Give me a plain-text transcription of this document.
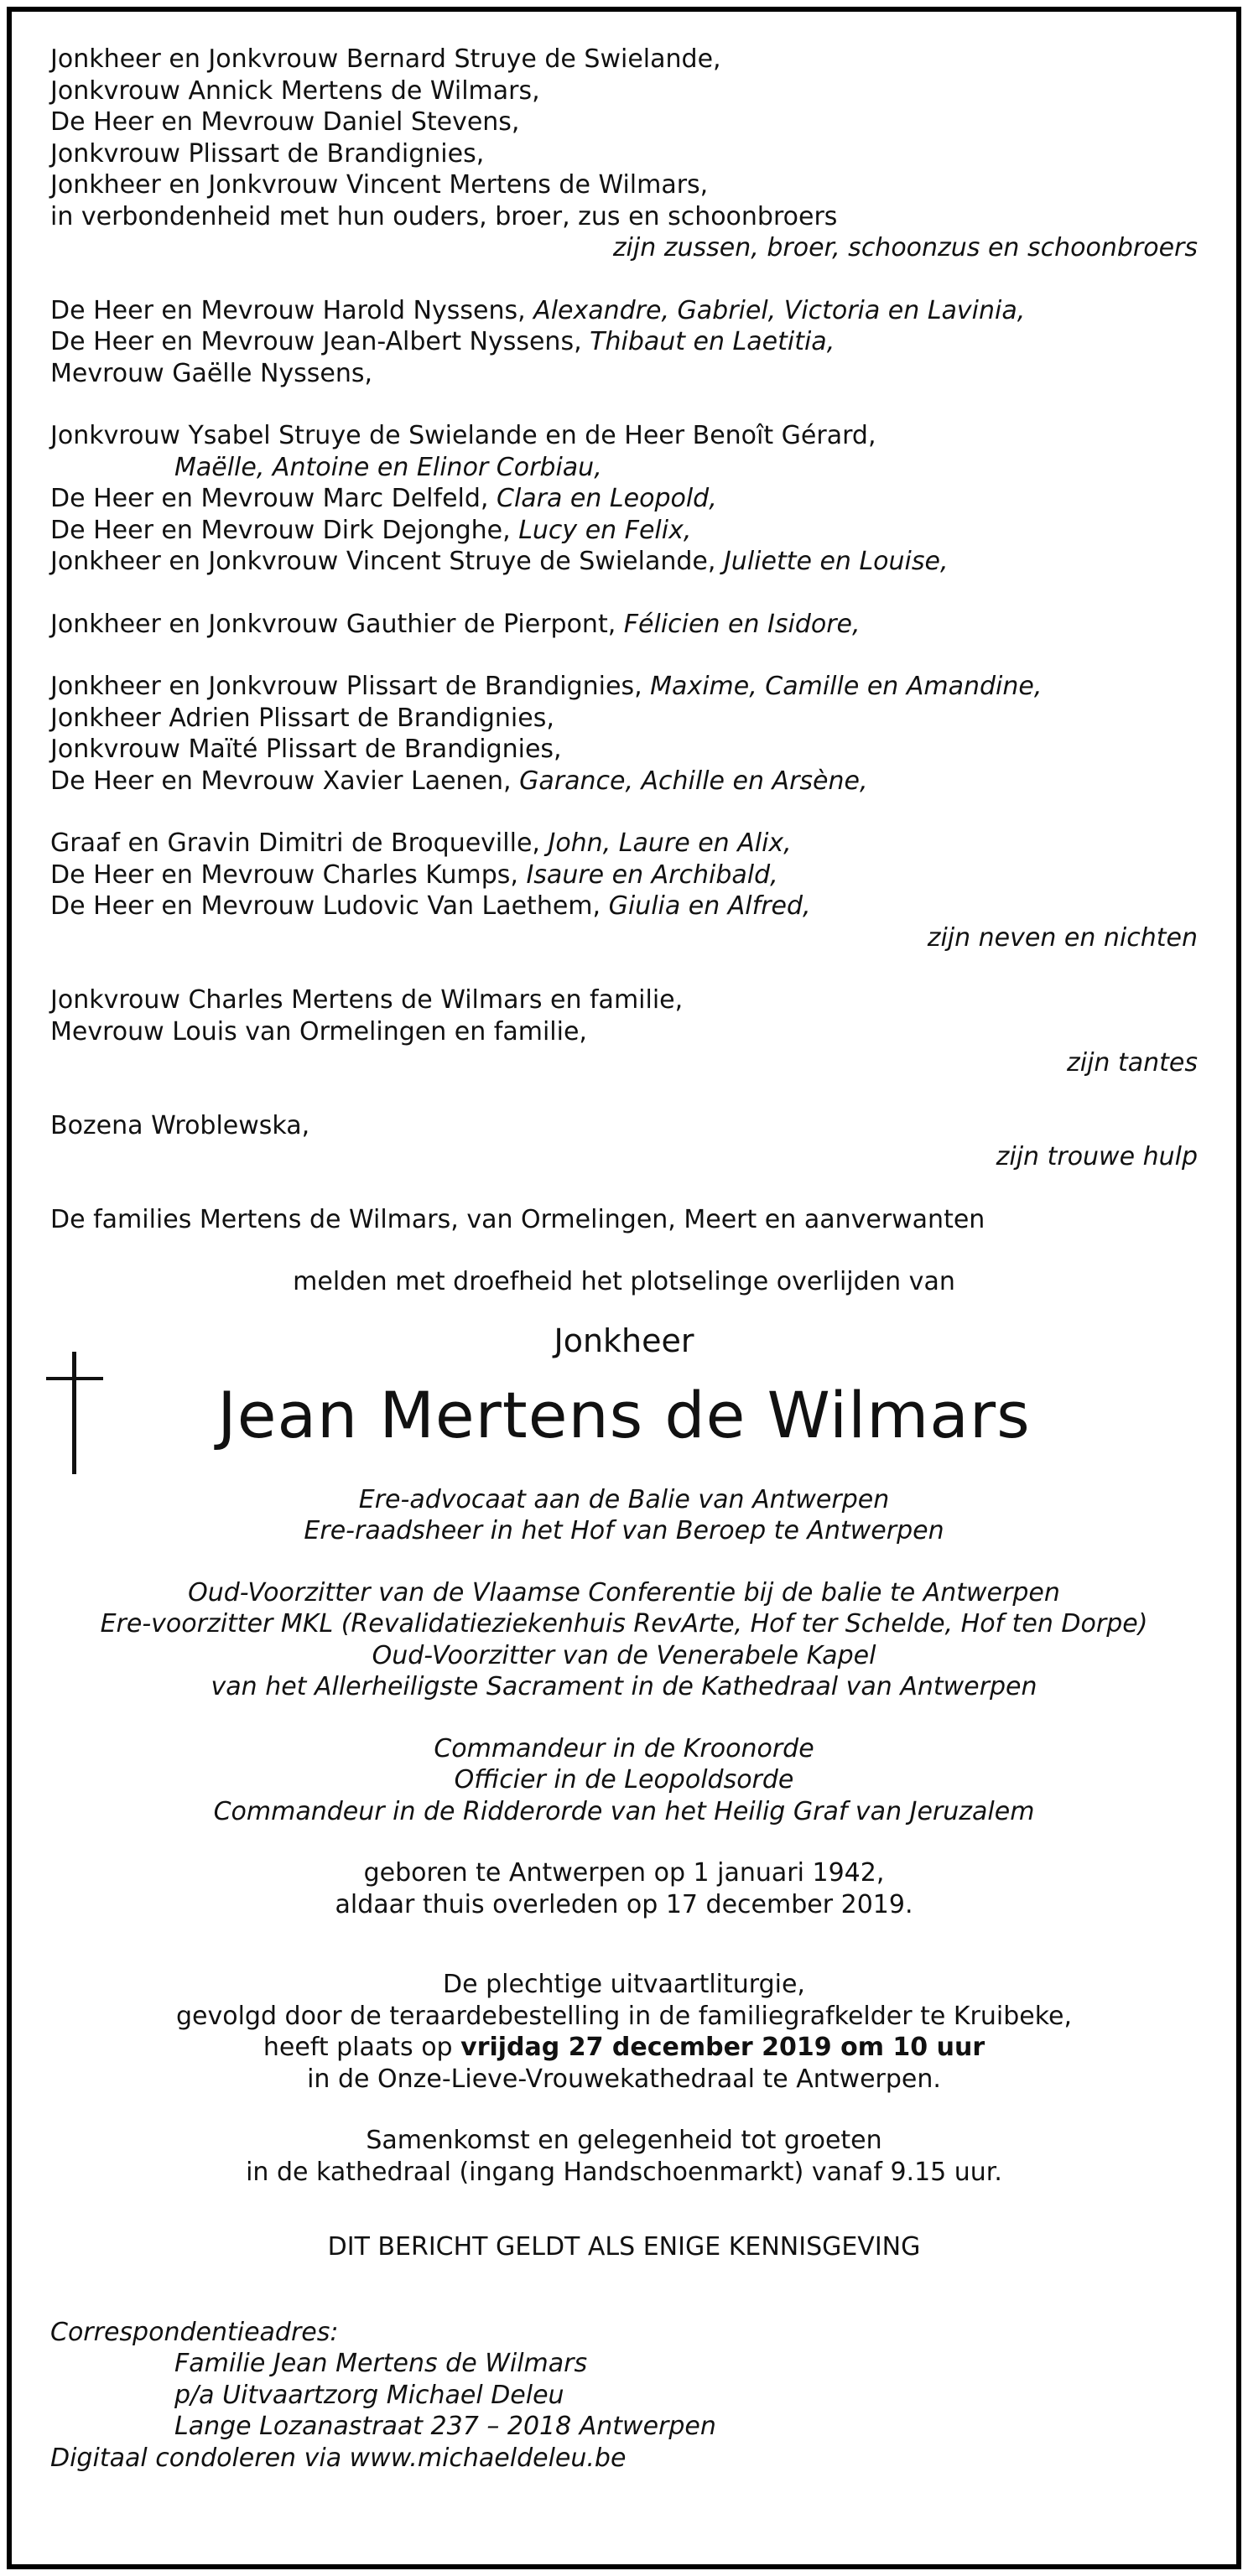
Jonkheer en Jonkvrouw Bernard Struye de Swielande,
Jonkvrouw Annick Mertens de Wilmars,
De Heer en Mevrouw Daniel Stevens,
Jonkvrouw Plissart de Brandignies,
Jonkheer en Jonkvrouw Vincent Mertens de Wilmars,
in verbondenheid met hun ouders, broer, zus en schoonbroers
zijn zussen, broer, schoonzus en schoonbroers
De Heer en Mevrouw Harold Nyssens, Alexandre, Gabriel, Victoria en Lavinia,
De Heer en Mevrouw Jean-Albert Nyssens, Thibaut en Laetitia,
Mevrouw Gaëlle Nyssens,
Jonkvrouw Ysabel Struye de Swielande en de Heer Benoît Gérard,
Maëlle, Antoine en Elinor Corbiau,
De Heer en Mevrouw Marc Delfeld, Clara en Leopold,
De Heer en Mevrouw Dirk Dejonghe, Lucy en Felix,
Jonkheer en Jonkvrouw Vincent Struye de Swielande, Juliette en Louise,
Jonkheer en Jonkvrouw Gauthier de Pierpont, Félicien en Isidore,
Jonkheer en Jonkvrouw Plissart de Brandignies, Maxime, Camille en Amandine,
Jonkheer Adrien Plissart de Brandignies,
Jonkvrouw Maïté Plissart de Brandignies,
De Heer en Mevrouw Xavier Laenen, Garance, Achille en Arsène,
Graaf en Gravin Dimitri de Broqueville, John, Laure en Alix,
De Heer en Mevrouw Charles Kumps, Isaure en Archibald,
De Heer en Mevrouw Ludovic Van Laethem, Giulia en Alfred,
zijn neven en nichten
Jonkvrouw Charles Mertens de Wilmars en familie,
Mevrouw Louis van Ormelingen en familie,
zijn tantes
Bozena Wroblewska,
zijn trouwe hulp
De families Mertens de Wilmars, van Ormelingen, Meert en aanverwanten
melden met droefheid het plotselinge overlijden van
Jonkheer
Jean Mertens de Wilmars
Ere-advocaat aan de Balie van Antwerpen
Ere-raadsheer in het Hof van Beroep te Antwerpen
Oud-Voorzitter van de Vlaamse Conferentie bij de balie te Antwerpen
Ere-voorzitter MKL (Revalidatieziekenhuis RevArte, Hof ter Schelde, Hof ten Dorpe)
Oud-Voorzitter van de Venerabele Kapel
van het Allerheiligste Sacrament in de Kathedraal van Antwerpen
Commandeur in de Kroonorde
Officier in de Leopoldsorde
Commandeur in de Ridderorde van het Heilig Graf van Jeruzalem
geboren te Antwerpen op 1 januari 1942,
aldaar thuis overleden op 17 december 2019.
De plechtige uitvaartliturgie,
gevolgd door de teraardebestelling in de familiegrafkelder te Kruibeke,
heeft plaats op vrijdag 27 december 2019 om 10 uur
in de Onze-Lieve-Vrouwekathedraal te Antwerpen.
Samenkomst en gelegenheid tot groeten
in de kathedraal (ingang Handschoenmarkt) vanaf 9.15 uur.
DIT BERICHT GELDT ALS ENIGE KENNISGEVING
Correspondentieadres:
Familie Jean Mertens de Wilmars
p/a Uitvaartzorg Michael Deleu
Lange Lozanastraat 237 – 2018 Antwerpen
Digitaal condoleren via www.michaeldeleu.be
